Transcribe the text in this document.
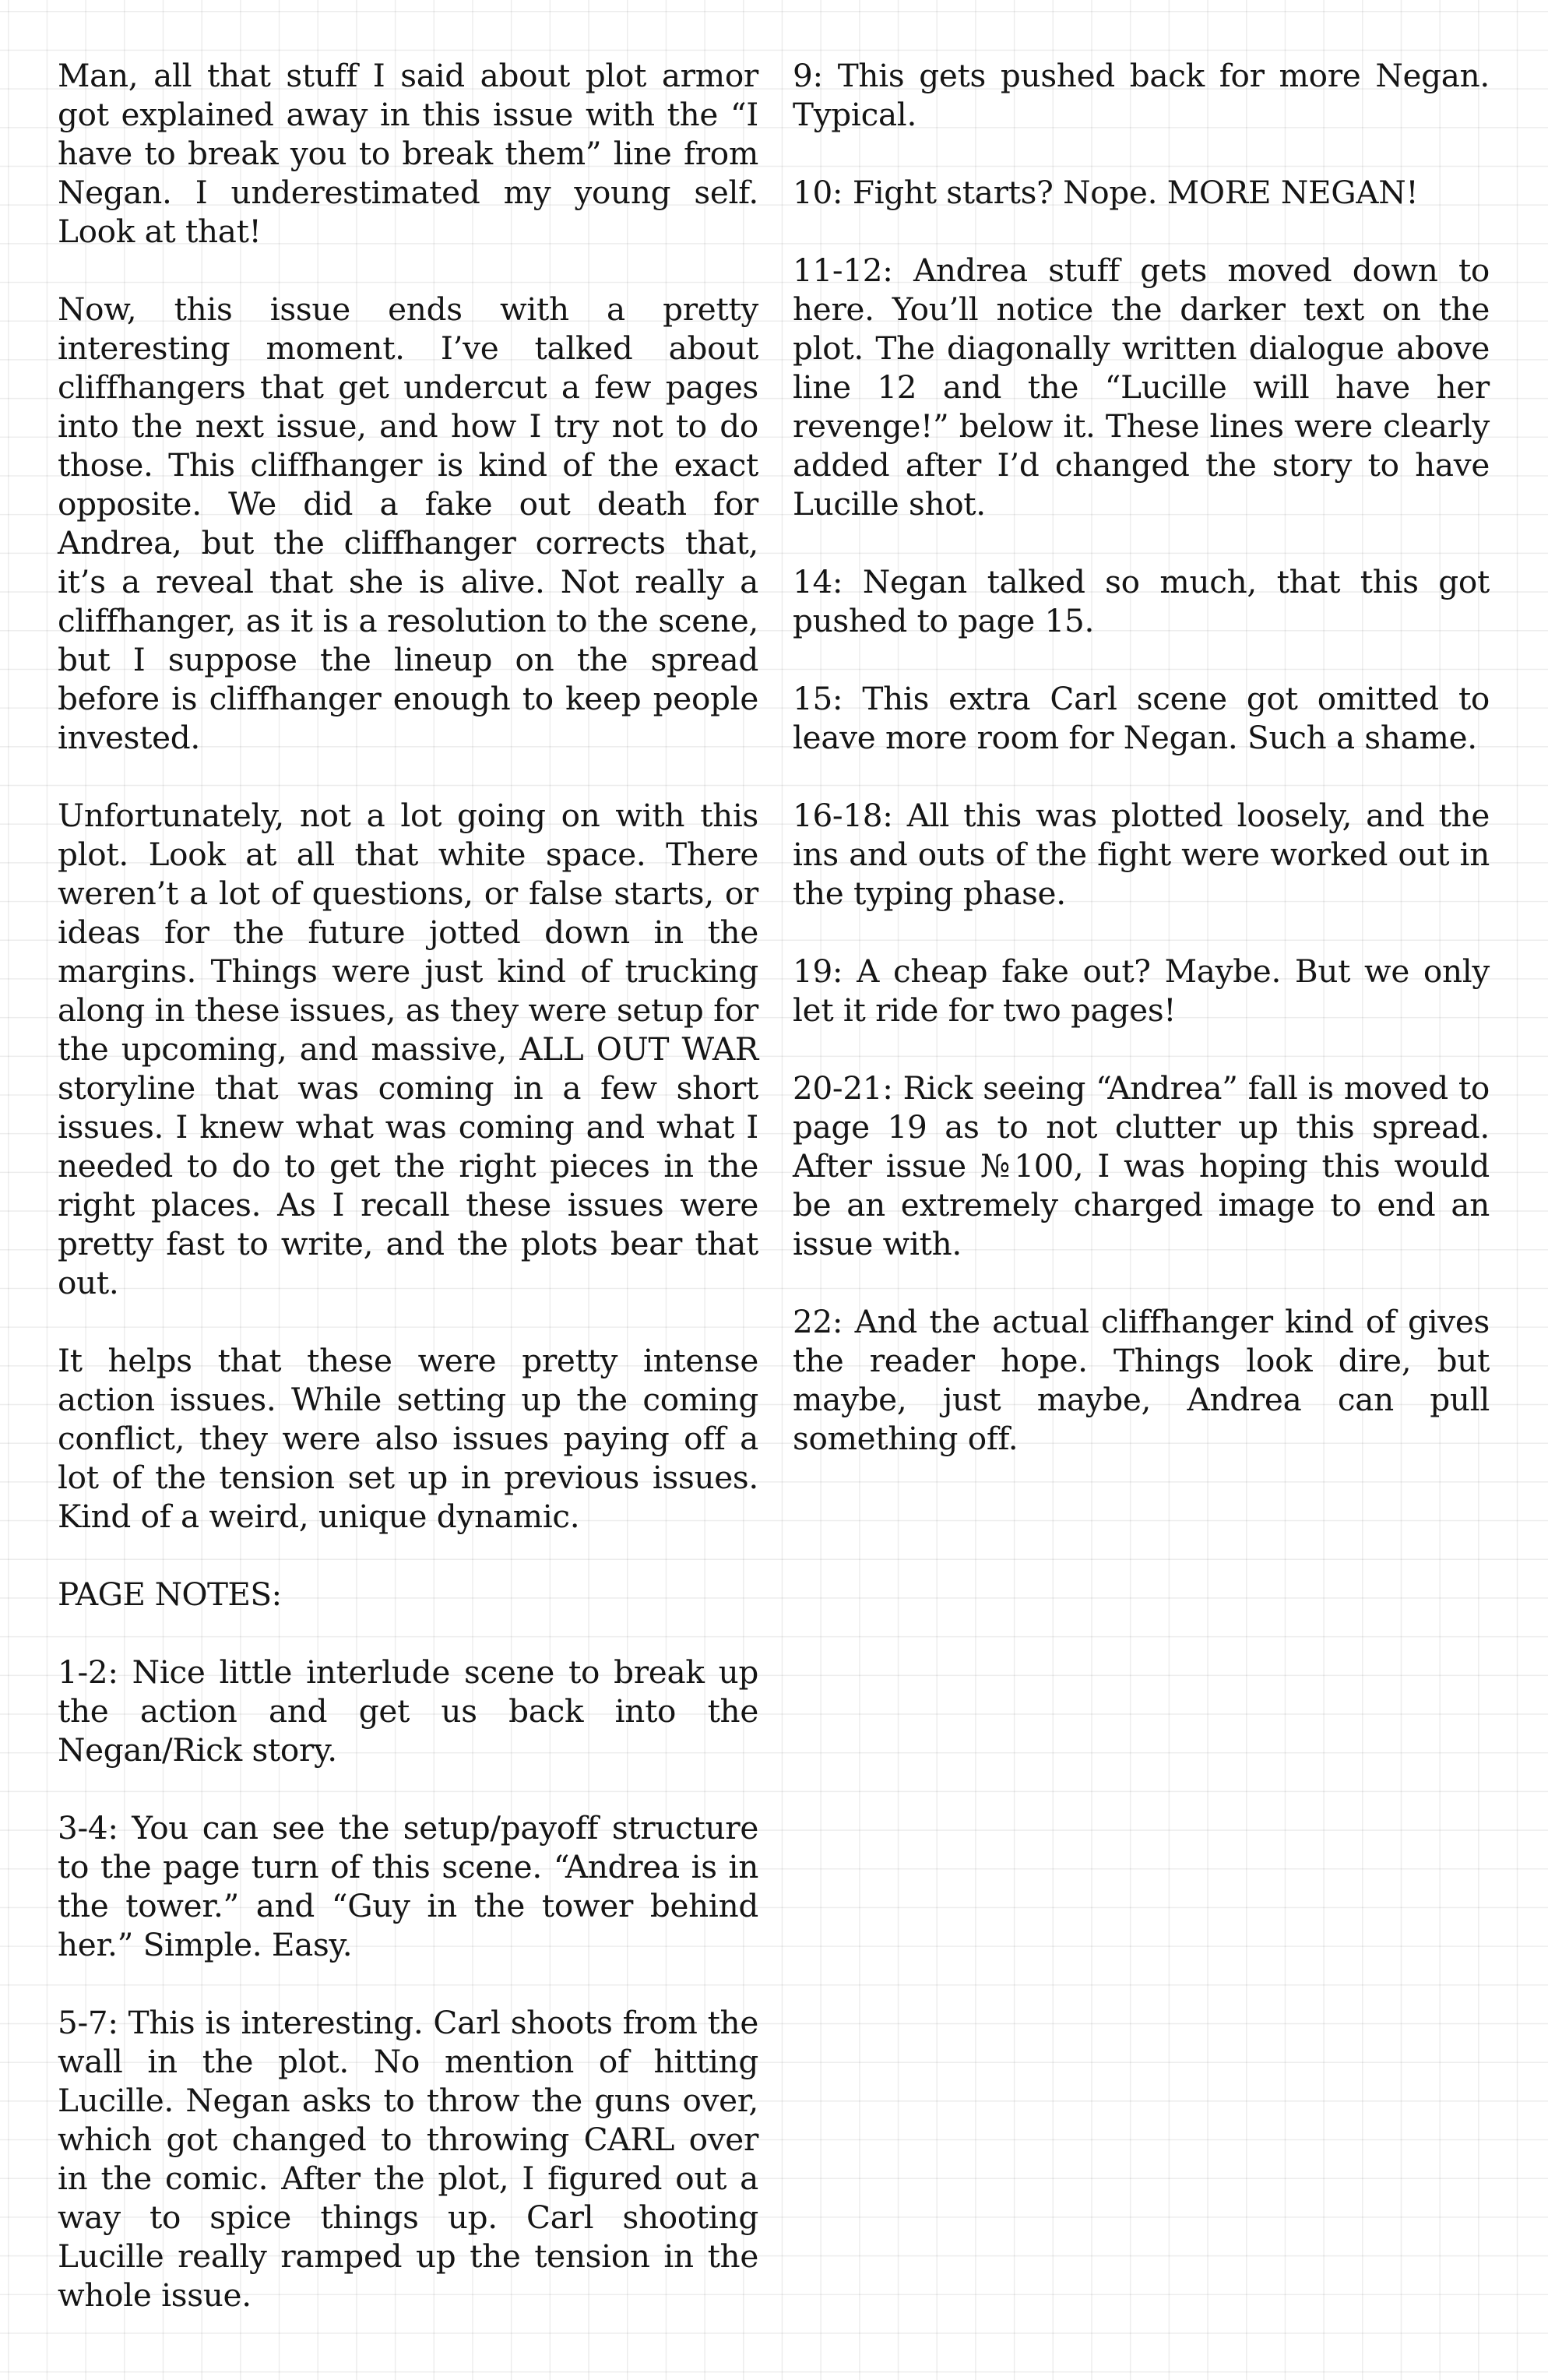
Man, all that stuff I said about plot armor got explained away in this issue with the “I have to break you to break them” line from Negan. I underestimated my young self. Look at that!

Now, this issue ends with a pretty interesting moment. I’ve talked about cliffhangers that get undercut a few pages into the next issue, and how I try not to do those. This cliffhanger is kind of the exact opposite. We did a fake out death for Andrea, but the cliffhanger corrects that, it’s a reveal that she is alive. Not really a cliffhanger, as it is a resolution to the scene, but I suppose the lineup on the spread before is cliffhanger enough to keep people invested.

Unfortunately, not a lot going on with this plot. Look at all that white space. There weren’t a lot of questions, or false starts, or ideas for the future jotted down in the margins. Things were just kind of trucking along in these issues, as they were setup for the upcoming, and massive, ALL OUT WAR storyline that was coming in a few short issues. I knew what was coming and what I needed to do to get the right pieces in the right places. As I recall these issues were pretty fast to write, and the plots bear that out.

It helps that these were pretty intense action issues. While setting up the coming conflict, they were also issues paying off a lot of the tension set up in previous issues. Kind of a weird, unique dynamic.

PAGE NOTES:

1-2: Nice little interlude scene to break up the action and get us back into the Negan/Rick story.

3-4: You can see the setup/payoff structure to the page turn of this scene. “Andrea is in the tower.” and “Guy in the tower behind her.” Simple. Easy.

5-7: This is interesting. Carl shoots from the wall in the plot. No mention of hitting Lucille. Negan asks to throw the guns over, which got changed to throwing CARL over in the comic. After the plot, I figured out a way to spice things up. Carl shooting Lucille really ramped up the tension in the whole issue.

9: This gets pushed back for more Negan. Typical.

10: Fight starts? Nope. MORE NEGAN!

11-12: Andrea stuff gets moved down to here. You’ll notice the darker text on the plot. The diagonally written dialogue above line 12 and the “Lucille will have her revenge!” below it. These lines were clearly added after I’d changed the story to have Lucille shot.

14: Negan talked so much, that this got pushed to page 15.

15: This extra Carl scene got omitted to leave more room for Negan. Such a shame.

16-18: All this was plotted loosely, and the ins and outs of the fight were worked out in the typing phase.

19: A cheap fake out? Maybe. But we only let it ride for two pages!

20-21: Rick seeing “Andrea” fall is moved to page 19 as to not clutter up this spread. After issue №100, I was hoping this would be an extremely charged image to end an issue with.

22: And the actual cliffhanger kind of gives the reader hope. Things look dire, but maybe, just maybe, Andrea can pull something off.
